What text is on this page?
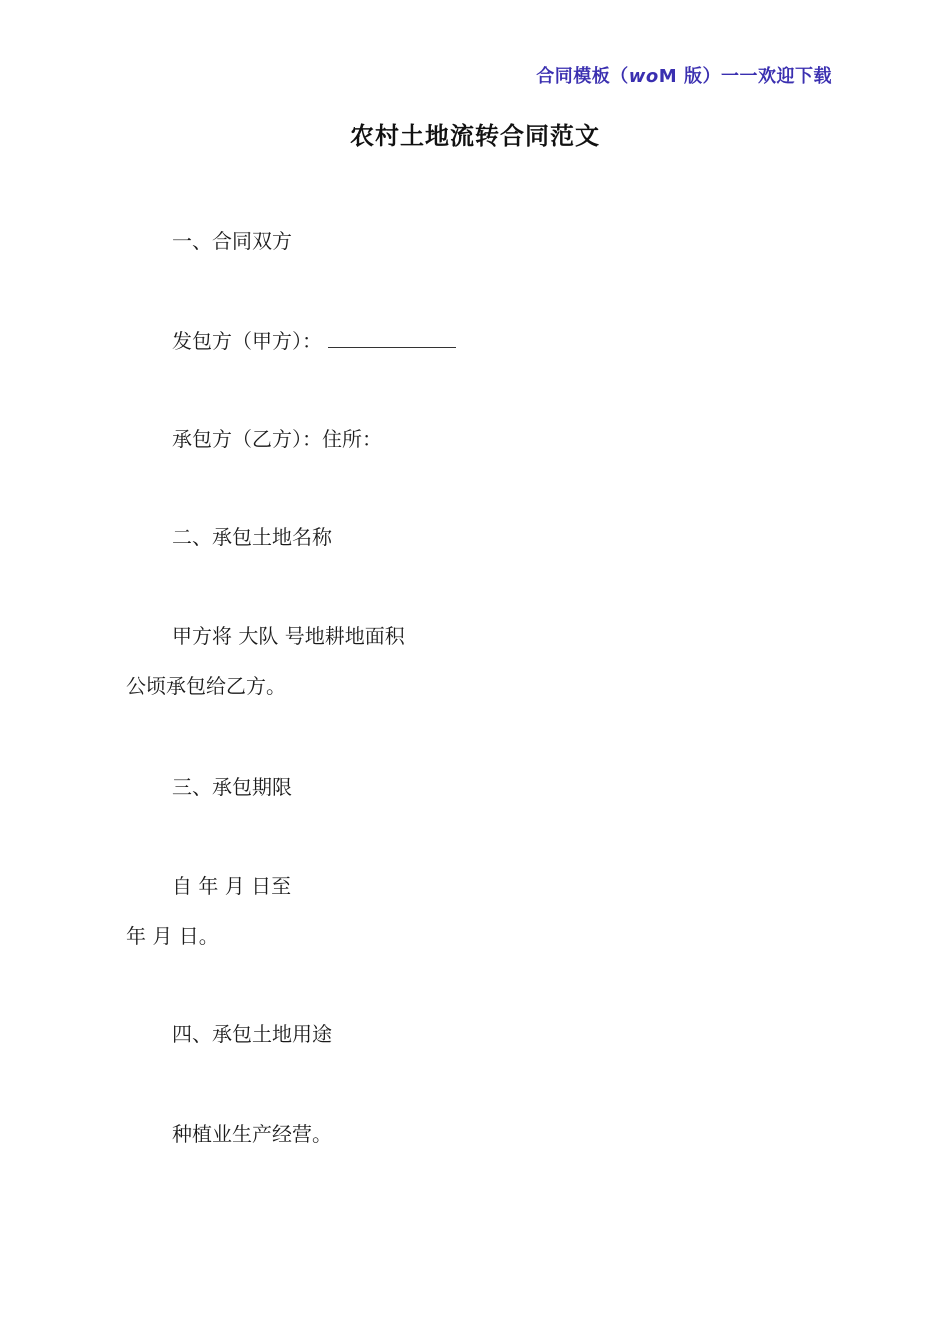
合同模板（woM 版）一一欢迎下载
农村土地流转合同范文
一、合同双方
发包方（甲方）：
承包方（乙方）：住所：
二、承包土地名称
甲方将 大队 号地耕地面积
公顷承包给乙方。
三、承包期限
自 年 月 日至
年 月 日。
四、承包土地用途
种植业生产经营。
